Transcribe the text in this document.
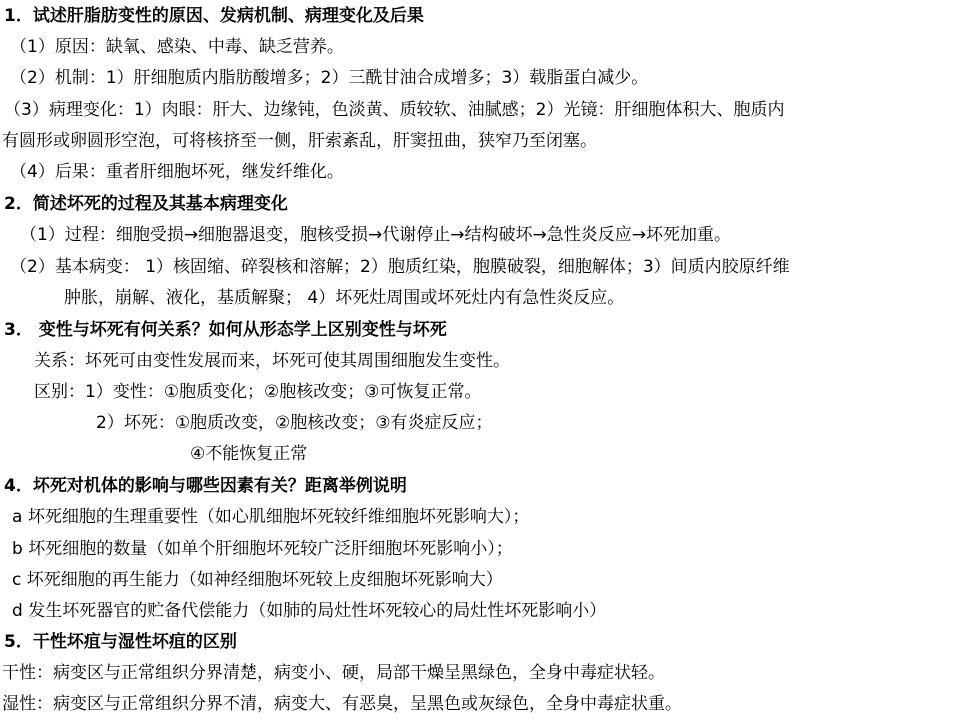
1．试述肝脂肪变性的原因、发病机制、病理变化及后果
（1）原因：缺氧、感染、中毒、缺乏营养。
（2）机制：1）肝细胞质内脂肪酸增多；2）三酰甘油合成增多；3）载脂蛋白减少。
（3）病理变化：1）肉眼：肝大、边缘钝，色淡黄、质较软、油腻感；2）光镜：肝细胞体积大、胞质内
有圆形或卵圆形空泡，可将核挤至一侧，肝索紊乱，肝窦扭曲，狭窄乃至闭塞。
（4）后果：重者肝细胞坏死，继发纤维化。
2．简述坏死的过程及其基本病理变化
（1）过程：细胞受损→细胞器退变，胞核受损→代谢停止→结构破坏→急性炎反应→坏死加重。
（2）基本病变： 1）核固缩、碎裂核和溶解；2）胞质红染，胞膜破裂，细胞解体；3）间质内胶原纤维
肿胀，崩解、液化，基质解聚； 4）坏死灶周围或坏死灶内有急性炎反应。
3． 变性与坏死有何关系？如何从形态学上区别变性与坏死
关系：坏死可由变性发展而来，坏死可使其周围细胞发生变性。
区别：1）变性：①胞质变化；②胞核改变；③可恢复正常。
2）坏死：①胞质改变，②胞核改变；③有炎症反应；
④不能恢复正常
4．坏死对机体的影响与哪些因素有关？距离举例说明
a 坏死细胞的生理重要性（如心肌细胞坏死较纤维细胞坏死影响大）；
b 坏死细胞的数量（如单个肝细胞坏死较广泛肝细胞坏死影响小）；
c 坏死细胞的再生能力（如神经细胞坏死较上皮细胞坏死影响大）
d 发生坏死器官的贮备代偿能力（如肺的局灶性坏死较心的局灶性坏死影响小）
5．干性坏疽与湿性坏疽的区别
干性：病变区与正常组织分界清楚，病变小、硬，局部干燥呈黑绿色，全身中毒症状轻。
湿性：病变区与正常组织分界不清，病变大、有恶臭，呈黑色或灰绿色，全身中毒症状重。
